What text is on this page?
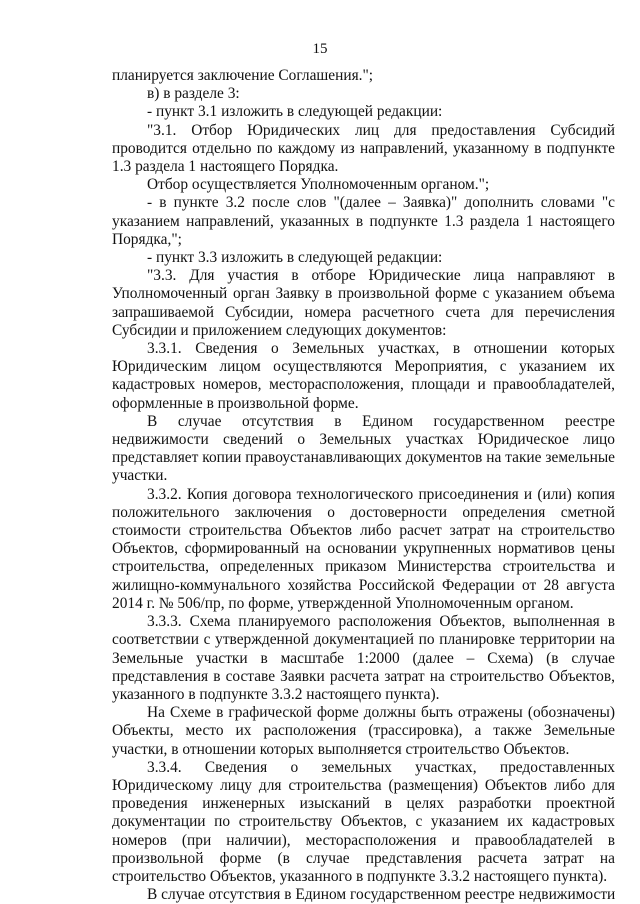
15

планируется заключение Соглашения.";

в) в разделе 3:

- пункт 3.1 изложить в следующей редакции:

"3.1. Отбор Юридических лиц для предоставления Субсидий проводится отдельно по каждому из направлений, указанному в подпункте 1.3 раздела 1 настоящего Порядка.

Отбор осуществляется Уполномоченным органом.";

- в пункте 3.2 после слов "(далее – Заявка)" дополнить словами "с указанием направлений, указанных в подпункте 1.3 раздела 1 настоящего Порядка,";

- пункт 3.3 изложить в следующей редакции:

"3.3. Для участия в отборе Юридические лица направляют в Уполномоченный орган Заявку в произвольной форме с указанием объема запрашиваемой Субсидии, номера расчетного счета для перечисления Субсидии и приложением следующих документов:

3.3.1. Сведения о Земельных участках, в отношении которых Юридическим лицом осуществляются Мероприятия, с указанием их кадастровых номеров, месторасположения, площади и правообладателей, оформленные в произвольной форме.

В случае отсутствия в Едином государственном реестре недвижимости сведений о Земельных участках Юридическое лицо представляет копии правоустанавливающих документов на такие земельные участки.

3.3.2. Копия договора технологического присоединения и (или) копия положительного заключения о достоверности определения сметной стоимости строительства Объектов либо расчет затрат на строительство Объектов, сформированный на основании укрупненных нормативов цены строительства, определенных приказом Министерства строительства и жилищно-коммунального хозяйства Российской Федерации от 28 августа 2014 г. № 506/пр, по форме, утвержденной Уполномоченным органом.

3.3.3. Схема планируемого расположения Объектов, выполненная в соответствии с утвержденной документацией по планировке территории на Земельные участки в масштабе 1:2000 (далее – Схема) (в случае представления в составе Заявки расчета затрат на строительство Объектов, указанного в подпункте 3.3.2 настоящего пункта).

На Схеме в графической форме должны быть отражены (обозначены) Объекты, место их расположения (трассировка), а также Земельные участки, в отношении которых выполняется строительство Объектов.

3.3.4. Сведения о земельных участках, предоставленных Юридическому лицу для строительства (размещения) Объектов либо для проведения инженерных изысканий в целях разработки проектной документации по строительству Объектов, с указанием их кадастровых номеров (при наличии), месторасположения и правообладателей в произвольной форме (в случае представления расчета затрат на строительство Объектов, указанного в подпункте 3.3.2 настоящего пункта).

В случае отсутствия в Едином государственном реестре недвижимости
